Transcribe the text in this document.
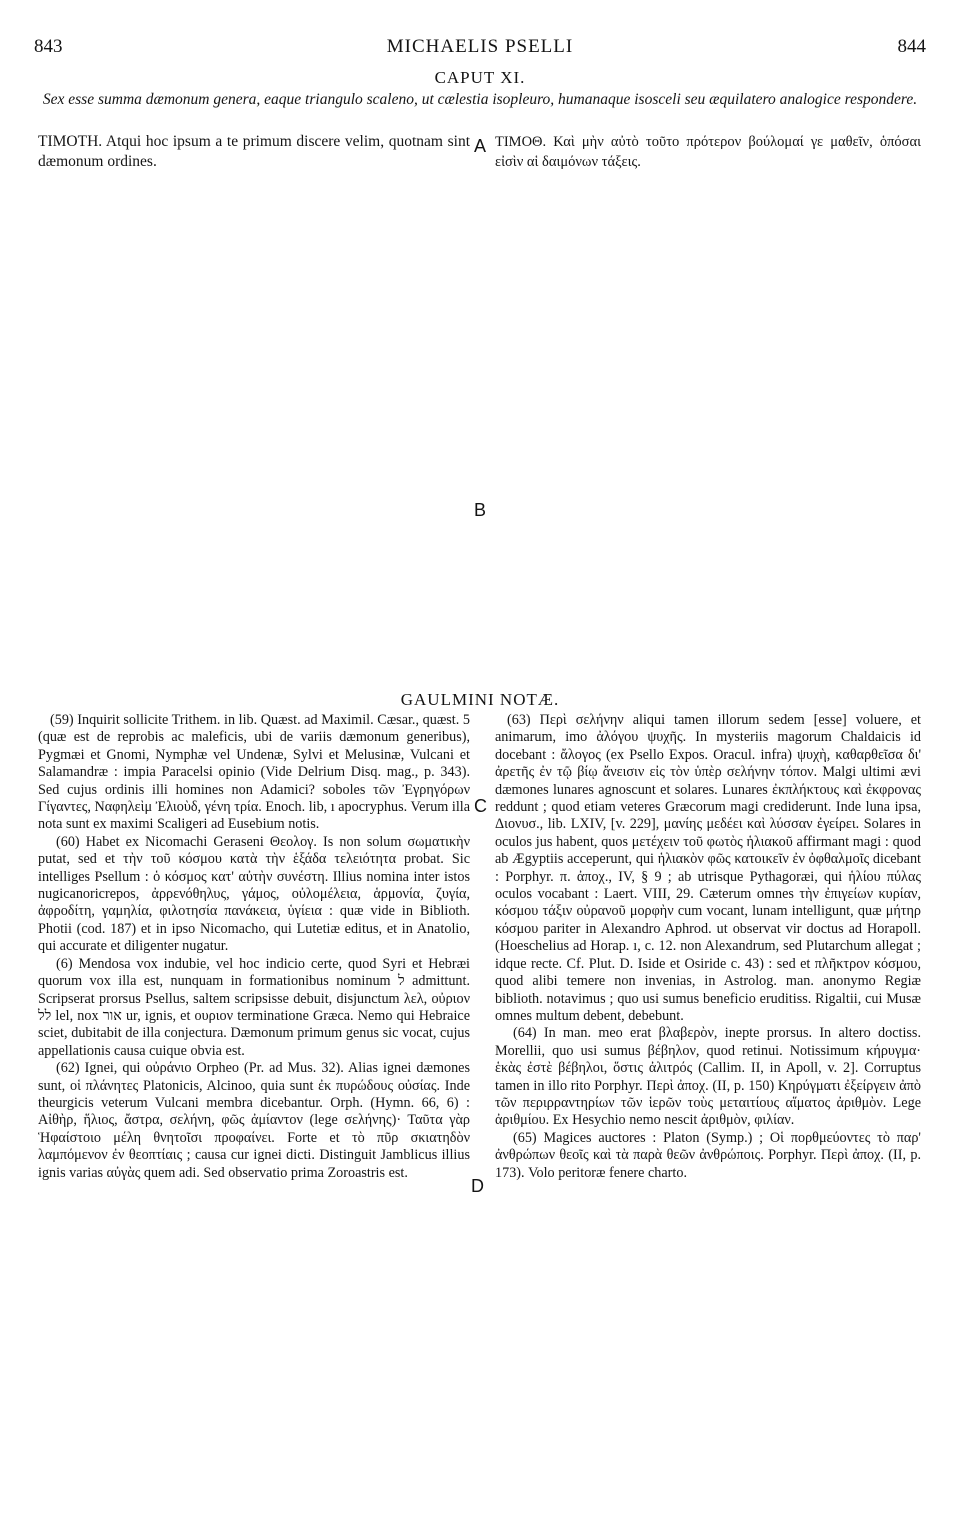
843	MICHAELIS PSELLI	844
CAPUT XI.
Sex esse summa dæmonum genera, eaque triangulo scaleno, ut cælestia isopleuro, humanaque isosceli seu æquilatero analogice respondere.

TIMOTH. Atqui hoc ipsum a te primum discere velim, quotnam sint dæmonum ordines.

ΤΙΜΟΘ. Καὶ μὴν αὐτὸ τοῦτο πρότερον βούλομαί γε μαθεῖν, ὁπόσαι εἰσὶν αἱ δαιμόνων τάξεις.

A
B
C
D
GAULMINI NOTÆ.

(59) Inquirit sollicite Trithem. in lib. Quæst. ad Maximil. Cæsar., quæst. 5 (quæ est de reprobis ac maleficis, ubi de variis dæmonum generibus), Pygmæi et Gnomi, Nymphæ vel Undenæ, Sylvi et Melusinæ, Vulcani et Salamandræ : impia Paracelsi opinio (Vide Delrium Disq. mag., p. 343). Sed cujus ordinis illi homines non Adamici? soboles τῶν Ἐγρηγόρων Γίγαντες, Ναφηλεὶμ Ἐλιοὺδ, γένη τρία. Enoch. lib, ı apocryphus. Verum illa nota sunt ex maximi Scaligeri ad Eusebium notis.

(60) Habet ex Nicomachi Geraseni Θεολογ. Is non solum σωματικὴν putat, sed et τὴν τοῦ κόσμου κατὰ τὴν ἑξάδα τελειότητα probat. Sic intelliges Psellum : ὁ κόσμος κατ' αὐτὴν συνέστη. Illius nomina inter istos nugicanoricrepos, ἀρρενόθηλυς, γάμος, οὐλομέλεια, ἁρμονία, ζυγία, ἀφροδίτη, γαμηλία, φιλοτησία πανάκεια, ὑγίεια : quæ vide in Biblioth. Photii (cod. 187) et in ipso Nicomacho, qui Lutetiæ editus, et in Anatolio, qui accurate et diligenter nugatur.

(6) Mendosa vox indubie, vel hoc indicio certe, quod Syri et Hebræi quorum vox illa est, nunquam in formationibus nominum ל admittunt. Scripserat prorsus Psellus, saltem scripsisse debuit, disjunctum λελ, οὐριον לל lel, nox אור ur, ignis, et ουριον terminatione Græca. Nemo qui Hebraice sciet, dubitabit de illa conjectura. Dæmonum primum genus sic vocat, cujus appellationis causa cuique obvia est.

(62) Ignei, qui οὐράνιο Orpheo (Pr. ad Mus. 32). Alias ignei dæmones sunt, οἱ πλάνητες Platonicis, Alcinoo, quia sunt ἐκ πυρώδους οὐσίας. Inde theurgicis veterum Vulcani membra dicebantur. Orph. (Hymn. 66, 6) : Αἰθὴρ, ἥλιος, ἄστρα, σελήνη, φῶς ἀμίαντον (lege σελήνης)· Ταῦτα γὰρ Ἡφαίστοιο μέλη θνητοῖσι προφαίνει. Forte et τὸ πῦρ σκιατηδὸν λαμπόμενον ἐν θεοπτίαις ; causa cur ignei dicti. Distinguit Jamblicus illius ignis varias αὐγὰς quem adi. Sed observatio prima Zoroastris est.

(63) Περὶ σελήνην aliqui tamen illorum sedem [esse] voluere, et animarum, imo ἀλόγου ψυχῆς. In mysteriis magorum Chaldaicis id docebant : ἄλογος (ex Psello Expos. Oracul. infra) ψυχὴ, καθαρθεῖσα δι' ἀρετῆς ἐν τῷ βίῳ ἄνεισιν εἰς τὸν ὑπὲρ σελήνην τόπον. Malgi ultimi ævi dæmones lunares agnoscunt et solares. Lunares ἐκπλήκτους καὶ ἐκφρονας reddunt ; quod etiam veteres Græcorum magi crediderunt. Inde luna ipsa, Διονυσ., lib. LXIV, [v. 229], μανίης μεδέει καὶ λύσσαν ἐγείρει. Solares in oculos jus habent, quos μετέχειν τοῦ φωτὸς ἡλιακοῦ affirmant magi : quod ab Ægyptiis acceperunt, qui ἡλιακὸν φῶς κατοικεῖν ἐν ὀφθαλμοῖς dicebant : Porphyr. π. ἀποχ., IV, § 9 ; ab utrisque Pythagoræi, qui ἡλίου πύλας oculos vocabant : Laert. VIII, 29. Cæterum omnes τὴν ἐπιγείων κυρίαν, κόσμου τάξιν οὐρανοῦ μορφὴν cum vocant, lunam intelligunt, quæ μήτηρ κόσμου pariter in Alexandro Aphrod. ut observat vir doctus ad Horapoll. (Hoeschelius ad Horap. ı, c. 12. non Alexandrum, sed Plutarchum allegat ; idque recte. Cf. Plut. D. Iside et Osiride c. 43) : sed et πλῆκτρον κόσμου, quod alibi temere non invenias, in Astrolog. man. anonymo Regiæ biblioth. notavimus ; quo usi sumus beneficio eruditiss. Rigaltii, cui Musæ omnes multum debent, debebunt.

(64) In man. meo erat βλαβερὸν, inepte prorsus. In altero doctiss. Morellii, quo usi sumus βέβηλον, quod retinui. Notissimum κήρυγμα· ἑκὰς ἐστὲ βέβηλοι, ὅστις ἀλιτρός (Callim. II, in Apoll, v. 2]. Corruptus tamen in illo rito Porphyr. Περὶ ἀποχ. (II, p. 150) Κηρύγματι ἐξείργειν ἀπὸ τῶν περιρραντηρίων τῶν ἱερῶν τοὺς μεταιτίους αἵματος ἀριθμὸν. Lege ἀριθμίου. Ex Hesychio nemo nescit ἀριθμὸν, φιλίαν.

(65) Magices auctores : Platon (Symp.) ; Οἱ πορθμεύοντες τὸ παρ' ἀνθρώπων θεοῖς καὶ τὰ παρὰ θεῶν ἀνθρώποις. Porphyr. Περὶ ἀποχ. (II, p. 173). Volo peritoræ fenere charto.
